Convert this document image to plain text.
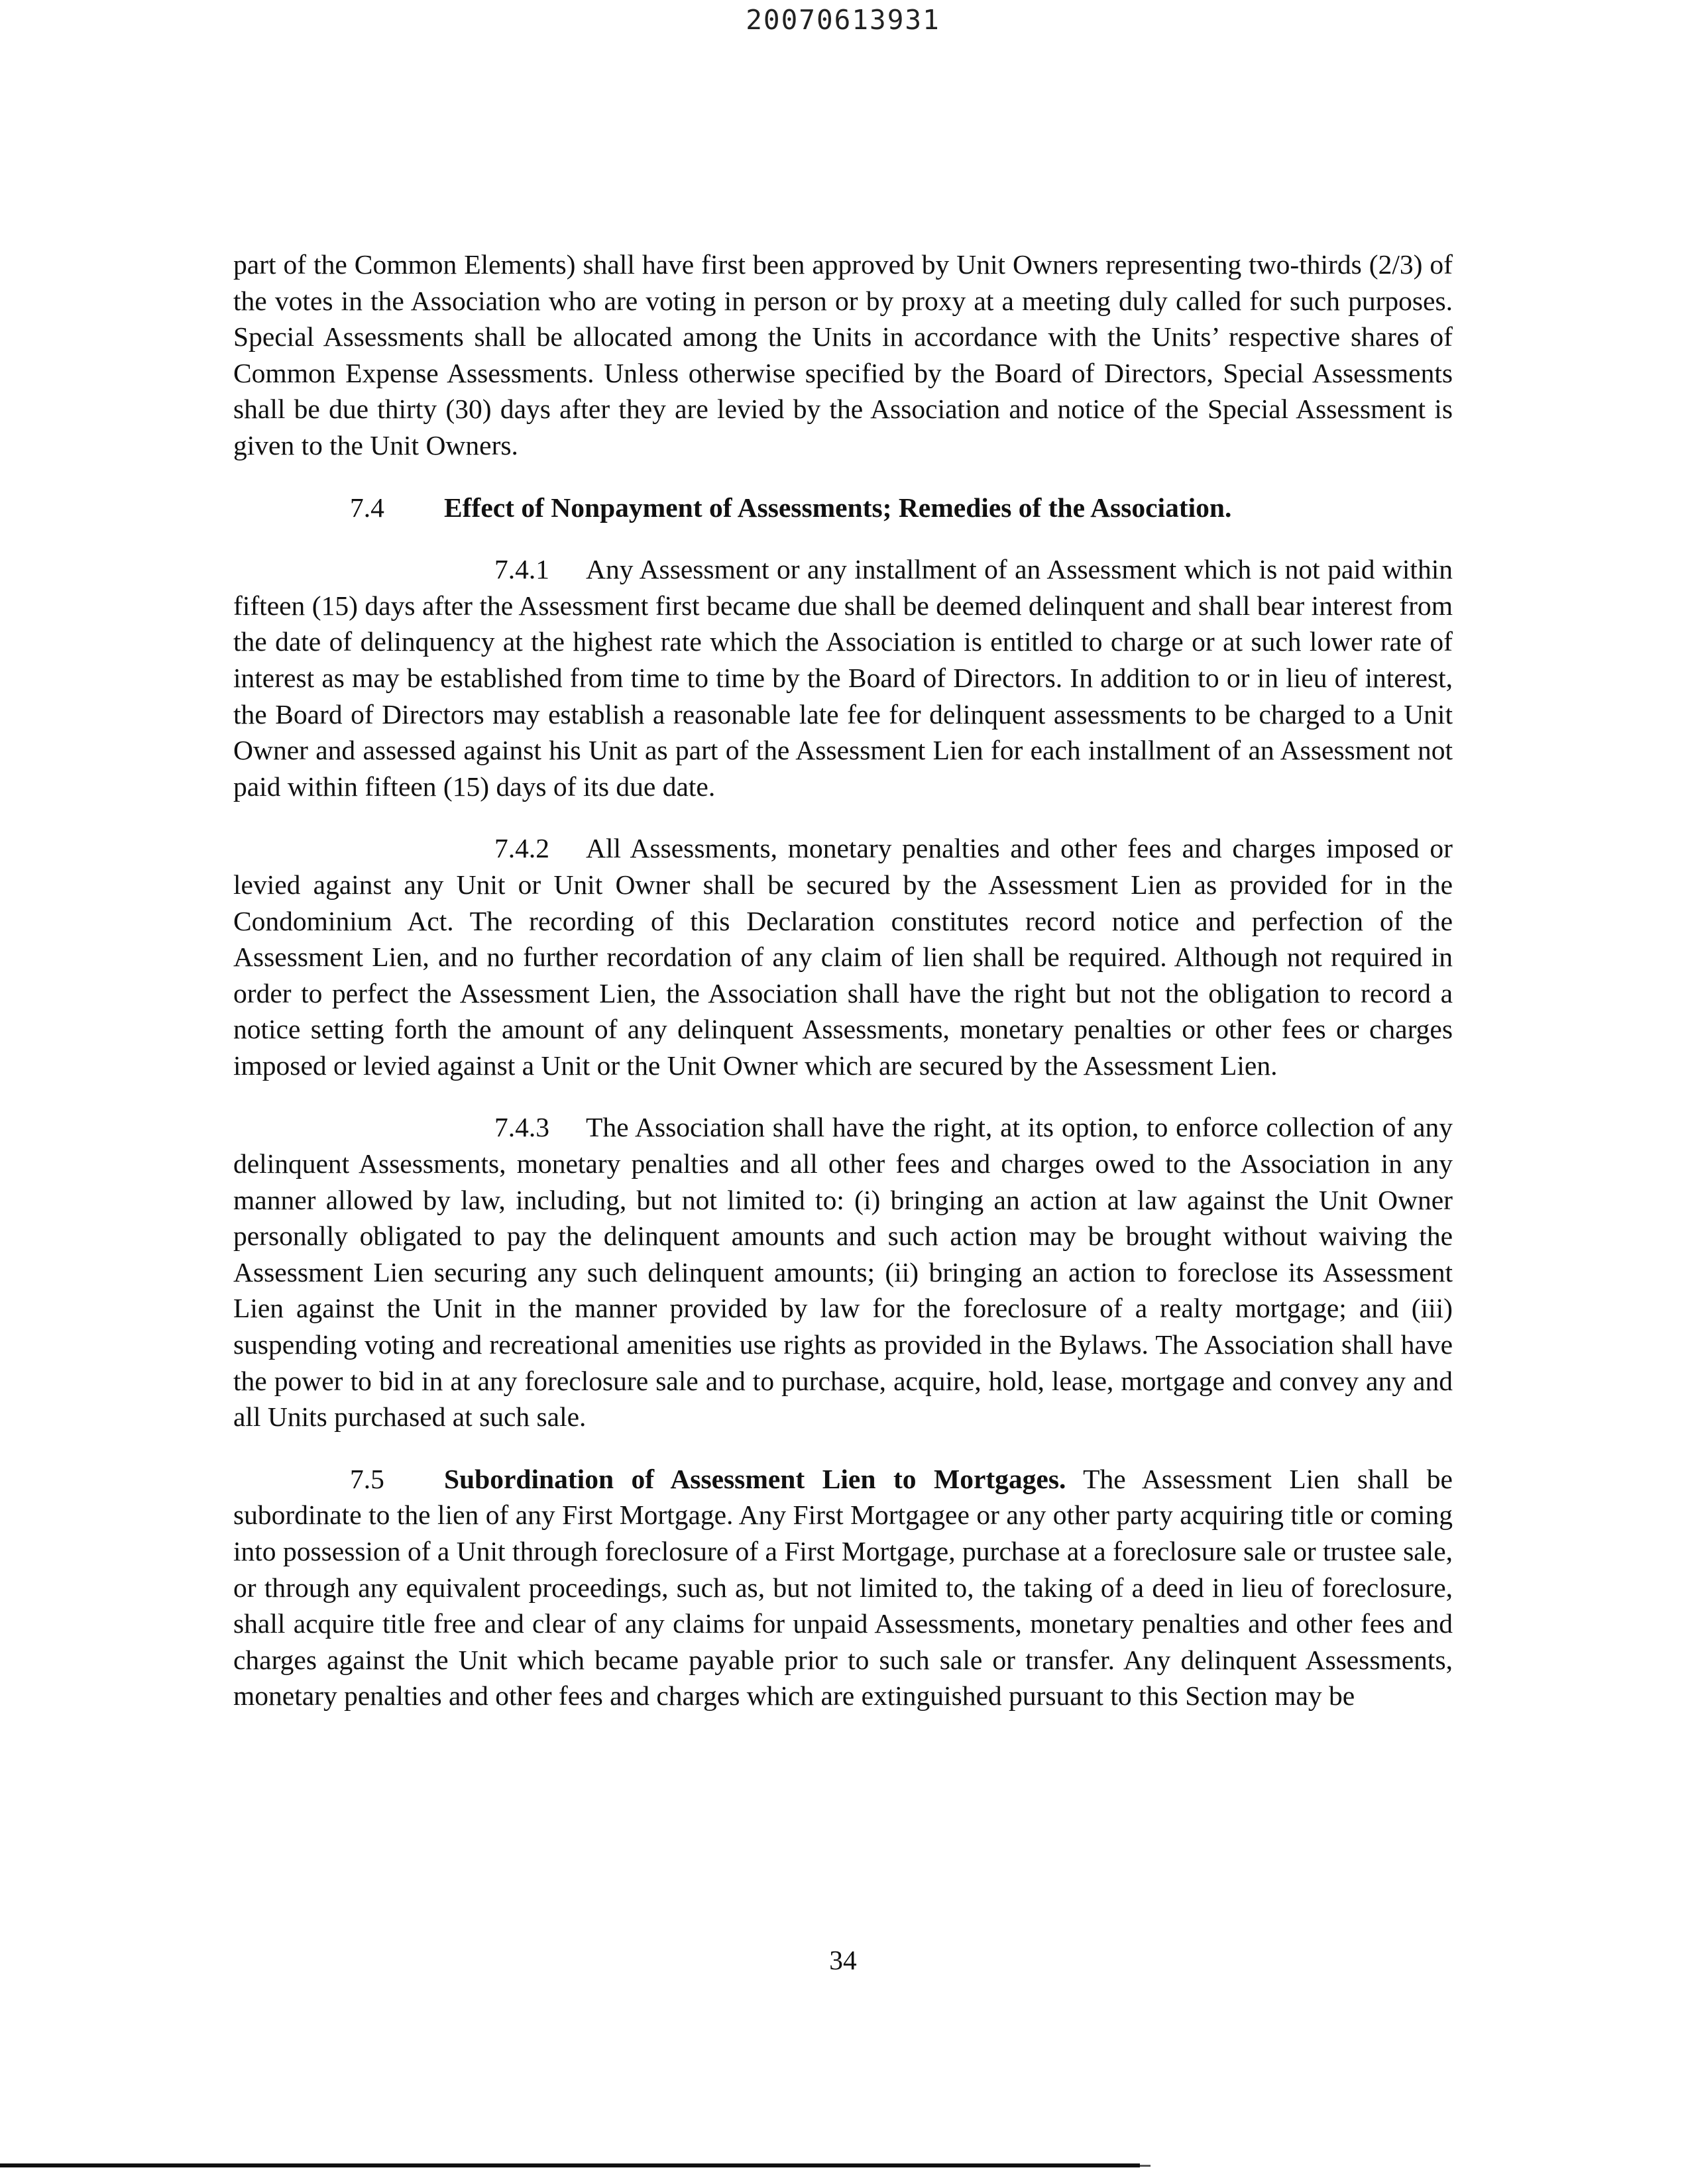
20070613931

part of the Common Elements) shall have first been approved by Unit Owners representing two-thirds (2/3) of the votes in the Association who are voting in person or by proxy at a meeting duly called for such purposes. Special Assessments shall be allocated among the Units in accordance with the Units’ respective shares of Common Expense Assessments. Unless otherwise specified by the Board of Directors, Special Assessments shall be due thirty (30) days after they are levied by the Association and notice of the Special Assessment is given to the Unit Owners.

7.4 Effect of Nonpayment of Assessments; Remedies of the Association.

7.4.1 Any Assessment or any installment of an Assessment which is not paid within fifteen (15) days after the Assessment first became due shall be deemed delinquent and shall bear interest from the date of delinquency at the highest rate which the Association is entitled to charge or at such lower rate of interest as may be established from time to time by the Board of Directors. In addition to or in lieu of interest, the Board of Directors may establish a reasonable late fee for delinquent assessments to be charged to a Unit Owner and assessed against his Unit as part of the Assessment Lien for each installment of an Assessment not paid within fifteen (15) days of its due date.

7.4.2 All Assessments, monetary penalties and other fees and charges imposed or levied against any Unit or Unit Owner shall be secured by the Assessment Lien as provided for in the Condominium Act. The recording of this Declaration constitutes record notice and perfection of the Assessment Lien, and no further recordation of any claim of lien shall be required. Although not required in order to perfect the Assessment Lien, the Association shall have the right but not the obligation to record a notice setting forth the amount of any delinquent Assessments, monetary penalties or other fees or charges imposed or levied against a Unit or the Unit Owner which are secured by the Assessment Lien.

7.4.3 The Association shall have the right, at its option, to enforce collection of any delinquent Assessments, monetary penalties and all other fees and charges owed to the Association in any manner allowed by law, including, but not limited to: (i) bringing an action at law against the Unit Owner personally obligated to pay the delinquent amounts and such action may be brought without waiving the Assessment Lien securing any such delinquent amounts; (ii) bringing an action to foreclose its Assessment Lien against the Unit in the manner provided by law for the foreclosure of a realty mortgage; and (iii) suspending voting and recreational amenities use rights as provided in the Bylaws. The Association shall have the power to bid in at any foreclosure sale and to purchase, acquire, hold, lease, mortgage and convey any and all Units purchased at such sale.

7.5 Subordination of Assessment Lien to Mortgages. The Assessment Lien shall be subordinate to the lien of any First Mortgage. Any First Mortgagee or any other party acquiring title or coming into possession of a Unit through foreclosure of a First Mortgage, purchase at a foreclosure sale or trustee sale, or through any equivalent proceedings, such as, but not limited to, the taking of a deed in lieu of foreclosure, shall acquire title free and clear of any claims for unpaid Assessments, monetary penalties and other fees and charges against the Unit which became payable prior to such sale or transfer. Any delinquent Assessments, monetary penalties and other fees and charges which are extinguished pursuant to this Section may be

34
